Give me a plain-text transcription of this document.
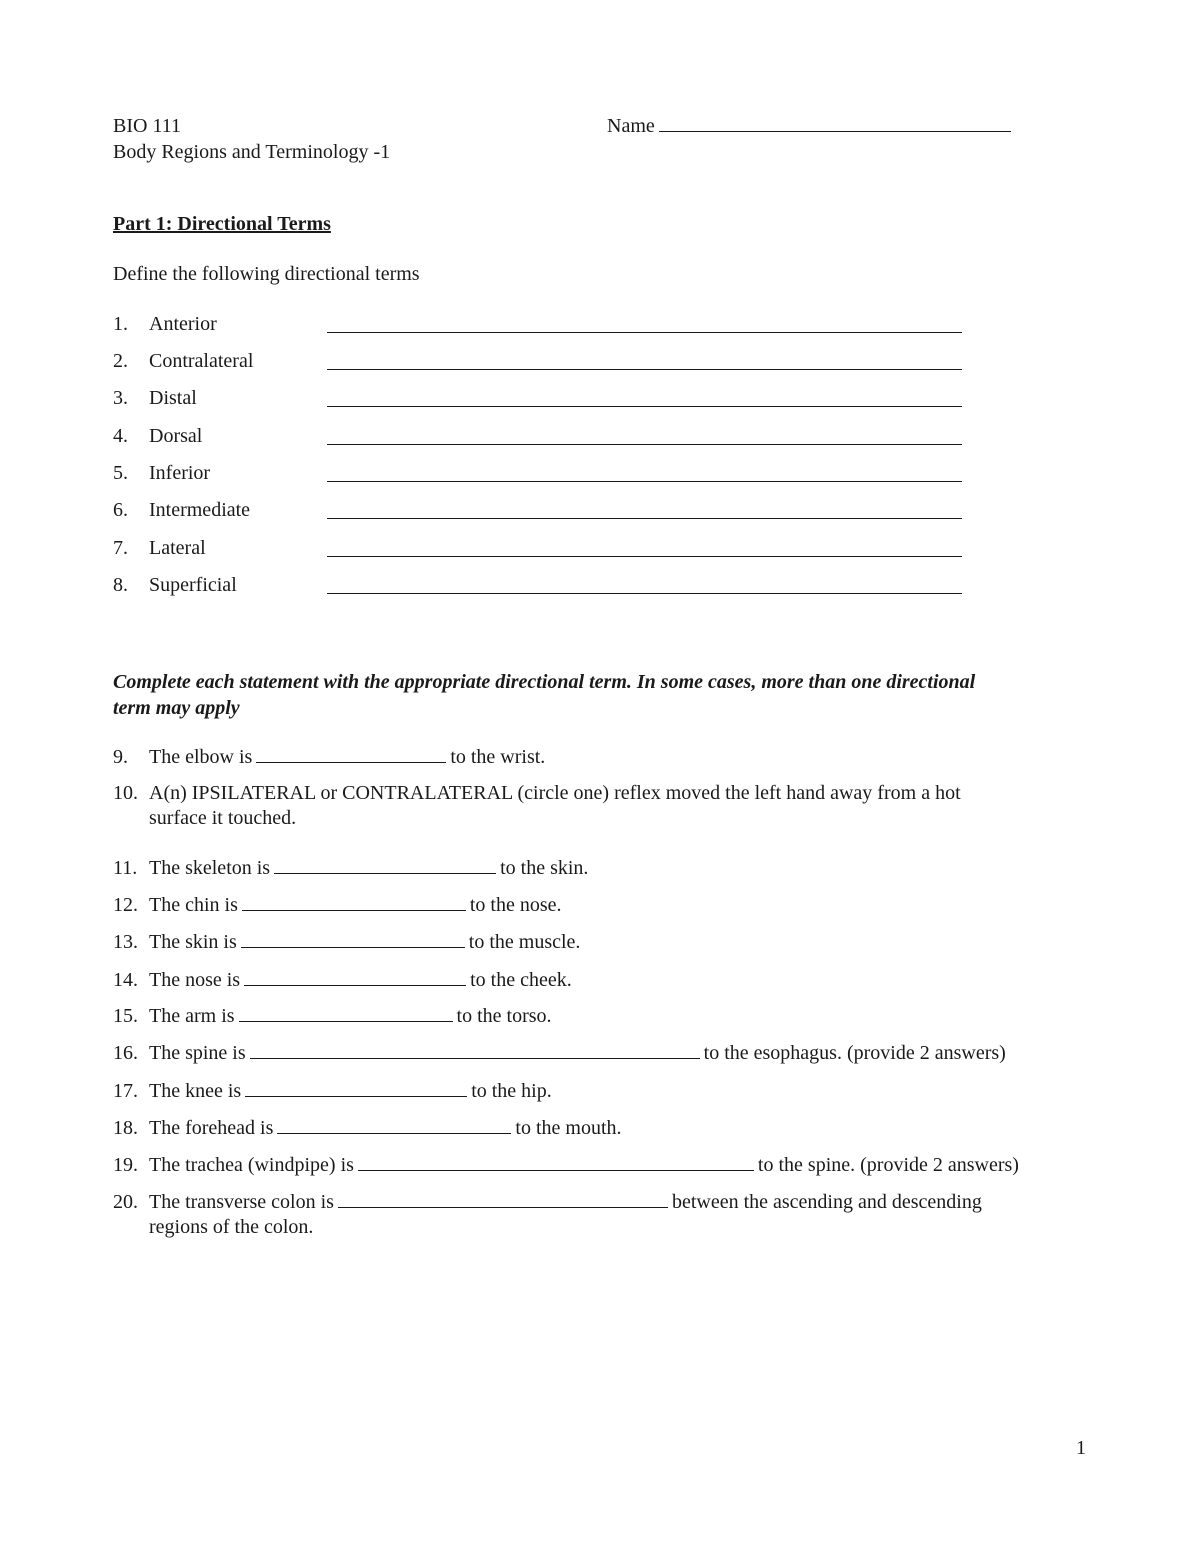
BIO 111
Body Regions and Terminology -1
Name
Part 1: Directional Terms
Define the following directional terms
1. Anterior
2. Contralateral
3. Distal
4. Dorsal
5. Inferior
6. Intermediate
7. Lateral
8. Superficial
Complete each statement with the appropriate directional term. In some cases, more than one directional
term may apply
9. The elbow is	to the wrist.
10. A(n) IPSILATERAL or CONTRALATERAL (circle one) reflex moved the left hand away from a hot
surface it touched.
11. The skeleton is	to the skin.
12. The chin is	to the nose.
13. The skin is	to the muscle.
14. The nose is	to the cheek.
15. The arm is	to the torso.
16. The spine is	to the esophagus. (provide 2 answers)
17. The knee is	to the hip.
18. The forehead is	to the mouth.
19. The trachea (windpipe) is	to the spine. (provide 2 answers)
20. The transverse colon is	between the ascending and descending
regions of the colon.
1
